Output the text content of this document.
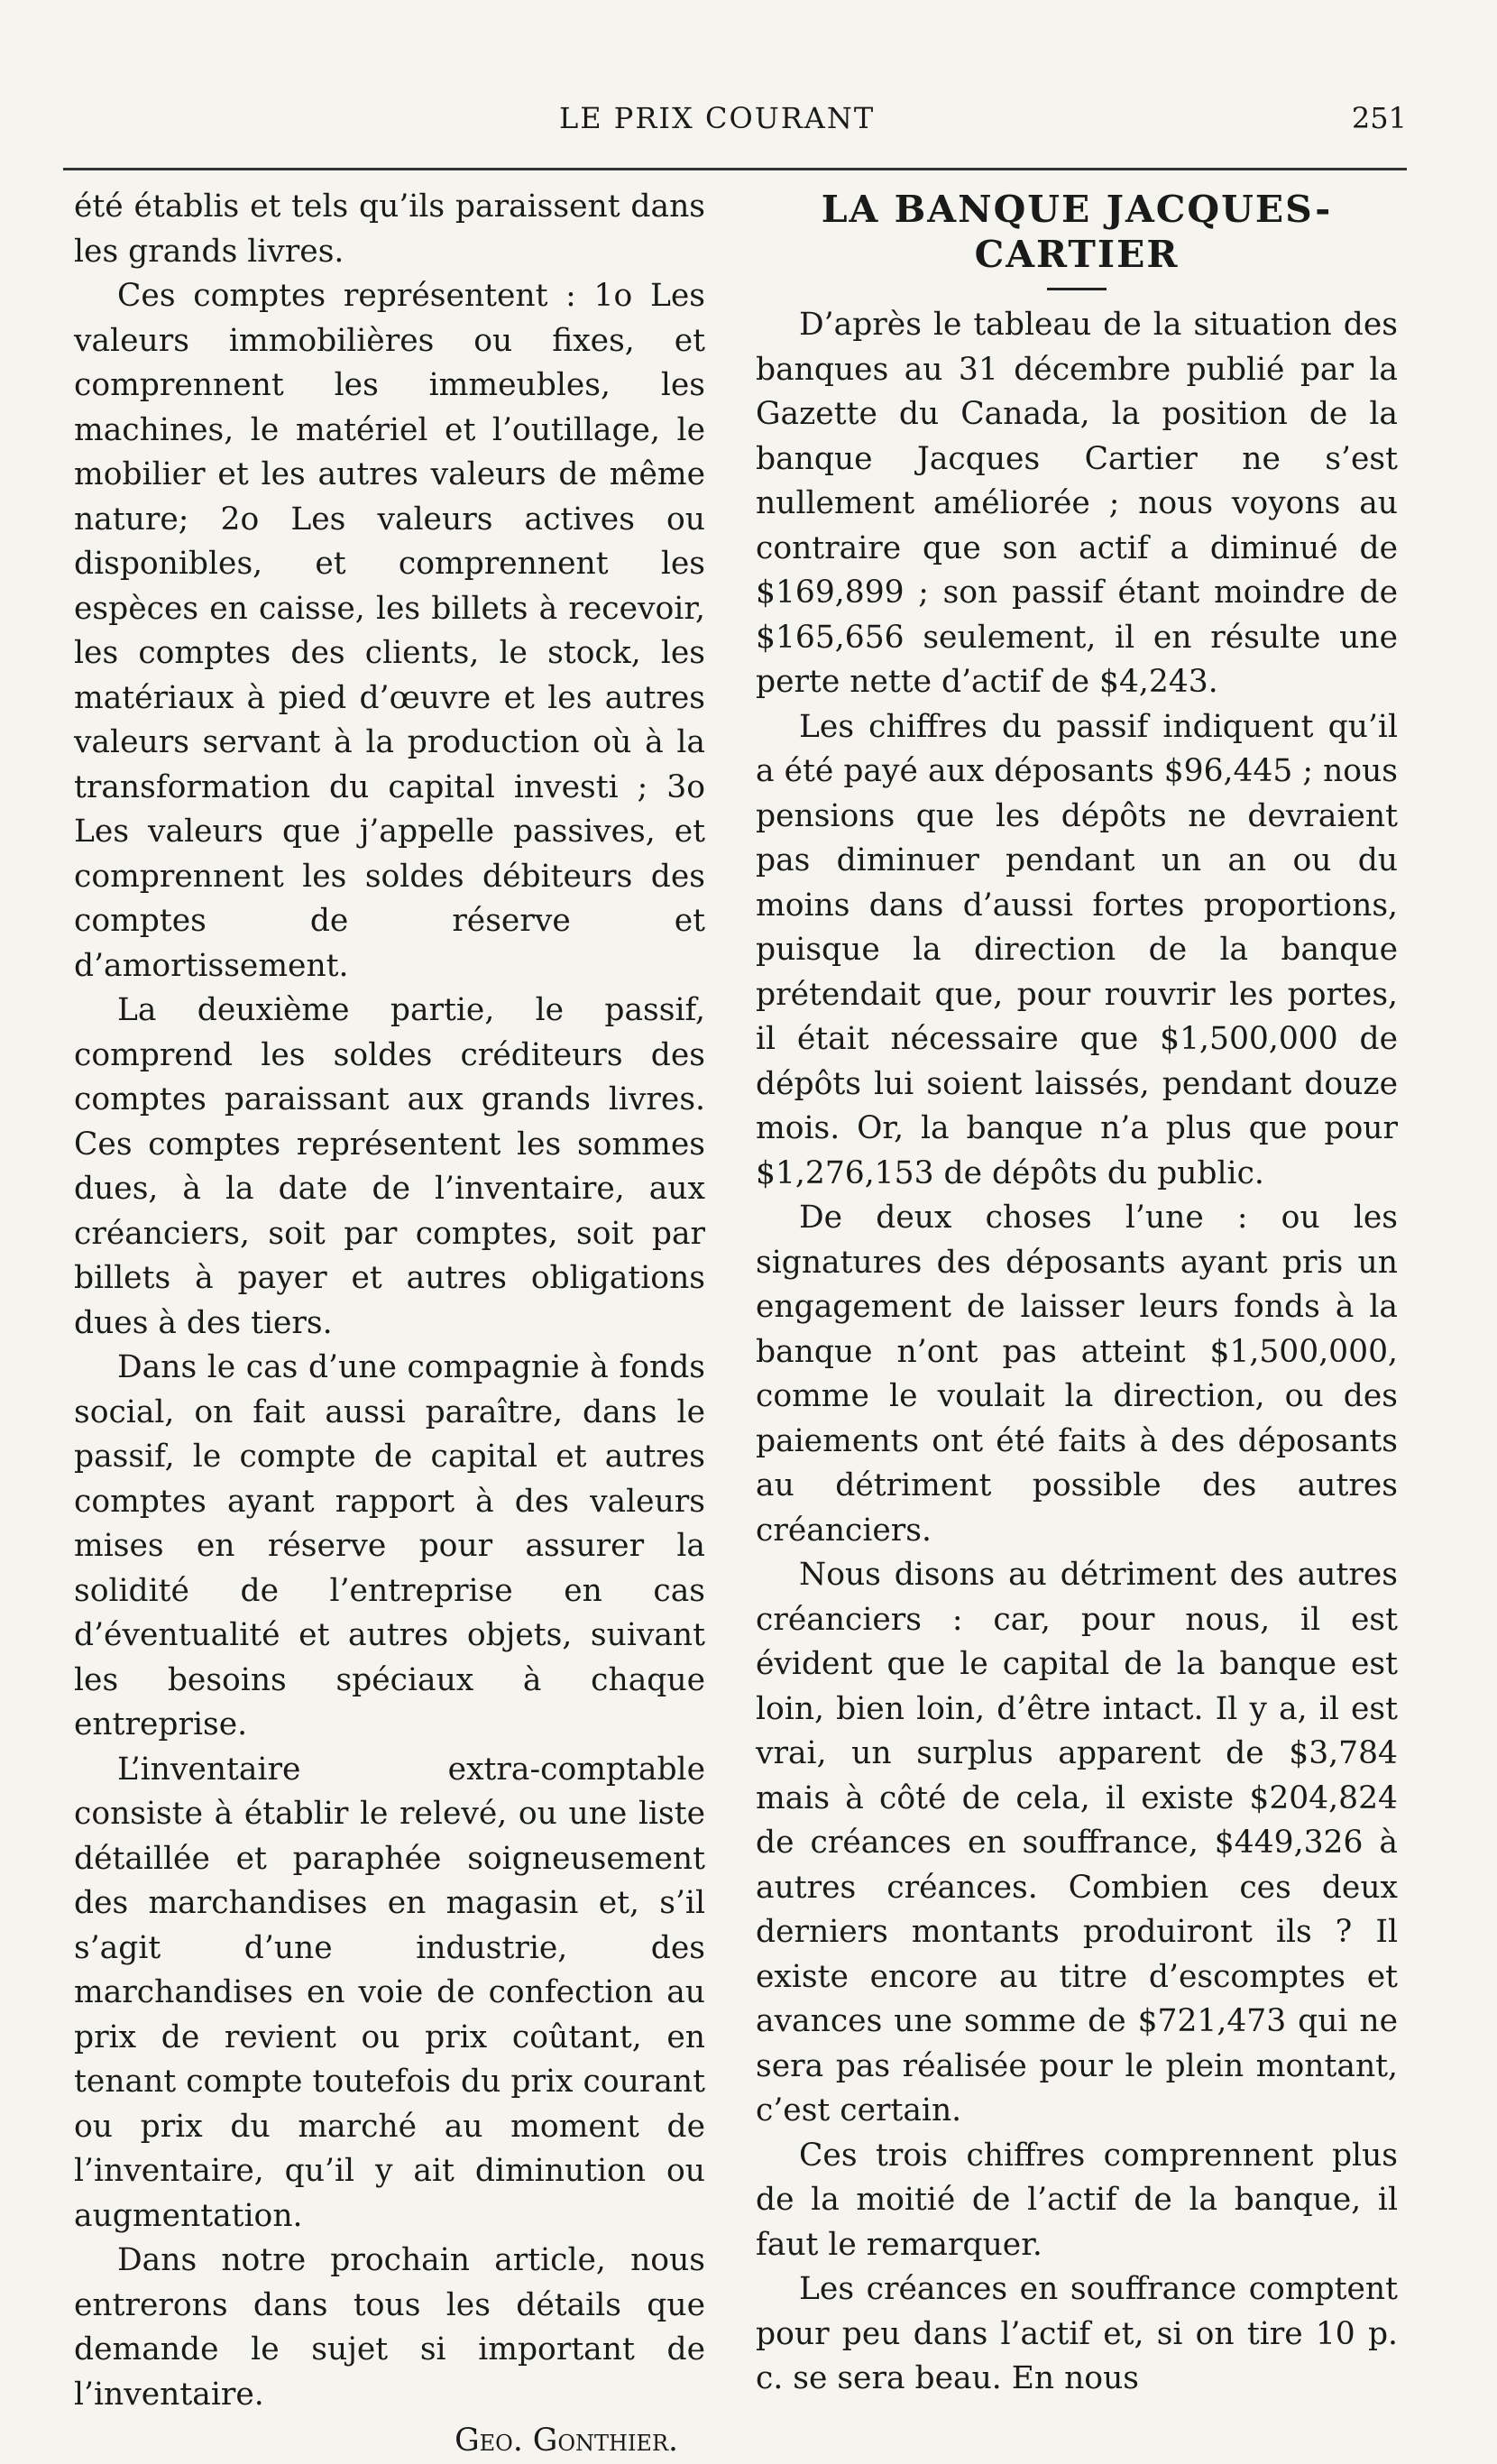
LE PRIX COURANT	251

été établis et tels qu’ils paraissent dans les grands livres.

Ces comptes représentent : 1o Les valeurs immobilières ou fixes, et comprennent les immeubles, les machines, le matériel et l’outillage, le mobilier et les autres valeurs de même nature; 2o Les valeurs actives ou disponibles, et comprennent les espèces en caisse, les billets à recevoir, les comptes des clients, le stock, les matériaux à pied d’œuvre et les autres valeurs servant à la production où à la transformation du capital investi ; 3o Les valeurs que j’appelle passives, et comprennent les soldes débiteurs des comptes de réserve et d’amortissement.

La deuxième partie, le passif, comprend les soldes créditeurs des comptes paraissant aux grands livres. Ces comptes représentent les sommes dues, à la date de l’inventaire, aux créanciers, soit par comptes, soit par billets à payer et autres obligations dues à des tiers.

Dans le cas d’une compagnie à fonds social, on fait aussi paraître, dans le passif, le compte de capital et autres comptes ayant rapport à des valeurs mises en réserve pour assurer la solidité de l’entreprise en cas d’éventualité et autres objets, suivant les besoins spéciaux à chaque entreprise.

L’inventaire extra-comptable consiste à établir le relevé, ou une liste détaillée et paraphée soigneusement des marchandises en magasin et, s’il s’agit d’une industrie, des marchandises en voie de confection au prix de revient ou prix coûtant, en tenant compte toutefois du prix courant ou prix du marché au moment de l’inventaire, qu’il y ait diminution ou augmentation.

Dans notre prochain article, nous entrerons dans tous les détails que demande le sujet si important de l’inventaire.

Geo. Gonthier.

LA BANQUE JACQUES-CARTIER

D’après le tableau de la situation des banques au 31 décembre publié par la Gazette du Canada, la position de la banque Jacques Cartier ne s’est nullement améliorée ; nous voyons au contraire que son actif a diminué de $169,899 ; son passif étant moindre de $165,656 seulement, il en résulte une perte nette d’actif de $4,243.

Les chiffres du passif indiquent qu’il a été payé aux déposants $96,445 ; nous pensions que les dépôts ne devraient pas diminuer pendant un an ou du moins dans d’aussi fortes proportions, puisque la direction de la banque prétendait que, pour rouvrir les portes, il était nécessaire que $1,500,000 de dépôts lui soient laissés, pendant douze mois. Or, la banque n’a plus que pour $1,276,153 de dépôts du public.

De deux choses l’une : ou les signatures des déposants ayant pris un engagement de laisser leurs fonds à la banque n’ont pas atteint $1,500,000, comme le voulait la direction, ou des paiements ont été faits à des déposants au détriment possible des autres créanciers.

Nous disons au détriment des autres créanciers : car, pour nous, il est évident que le capital de la banque est loin, bien loin, d’être intact. Il y a, il est vrai, un surplus apparent de $3,784 mais à côté de cela, il existe $204,824 de créances en souffrance, $449,326 à autres créances. Combien ces deux derniers montants produiront ils ? Il existe encore au titre d’escomptes et avances une somme de $721,473 qui ne sera pas réalisée pour le plein montant, c’est certain.

Ces trois chiffres comprennent plus de la moitié de l’actif de la banque, il faut le remarquer.

Les créances en souffrance comptent pour peu dans l’actif et, si on tire 10 p. c. se sera beau. En nous
